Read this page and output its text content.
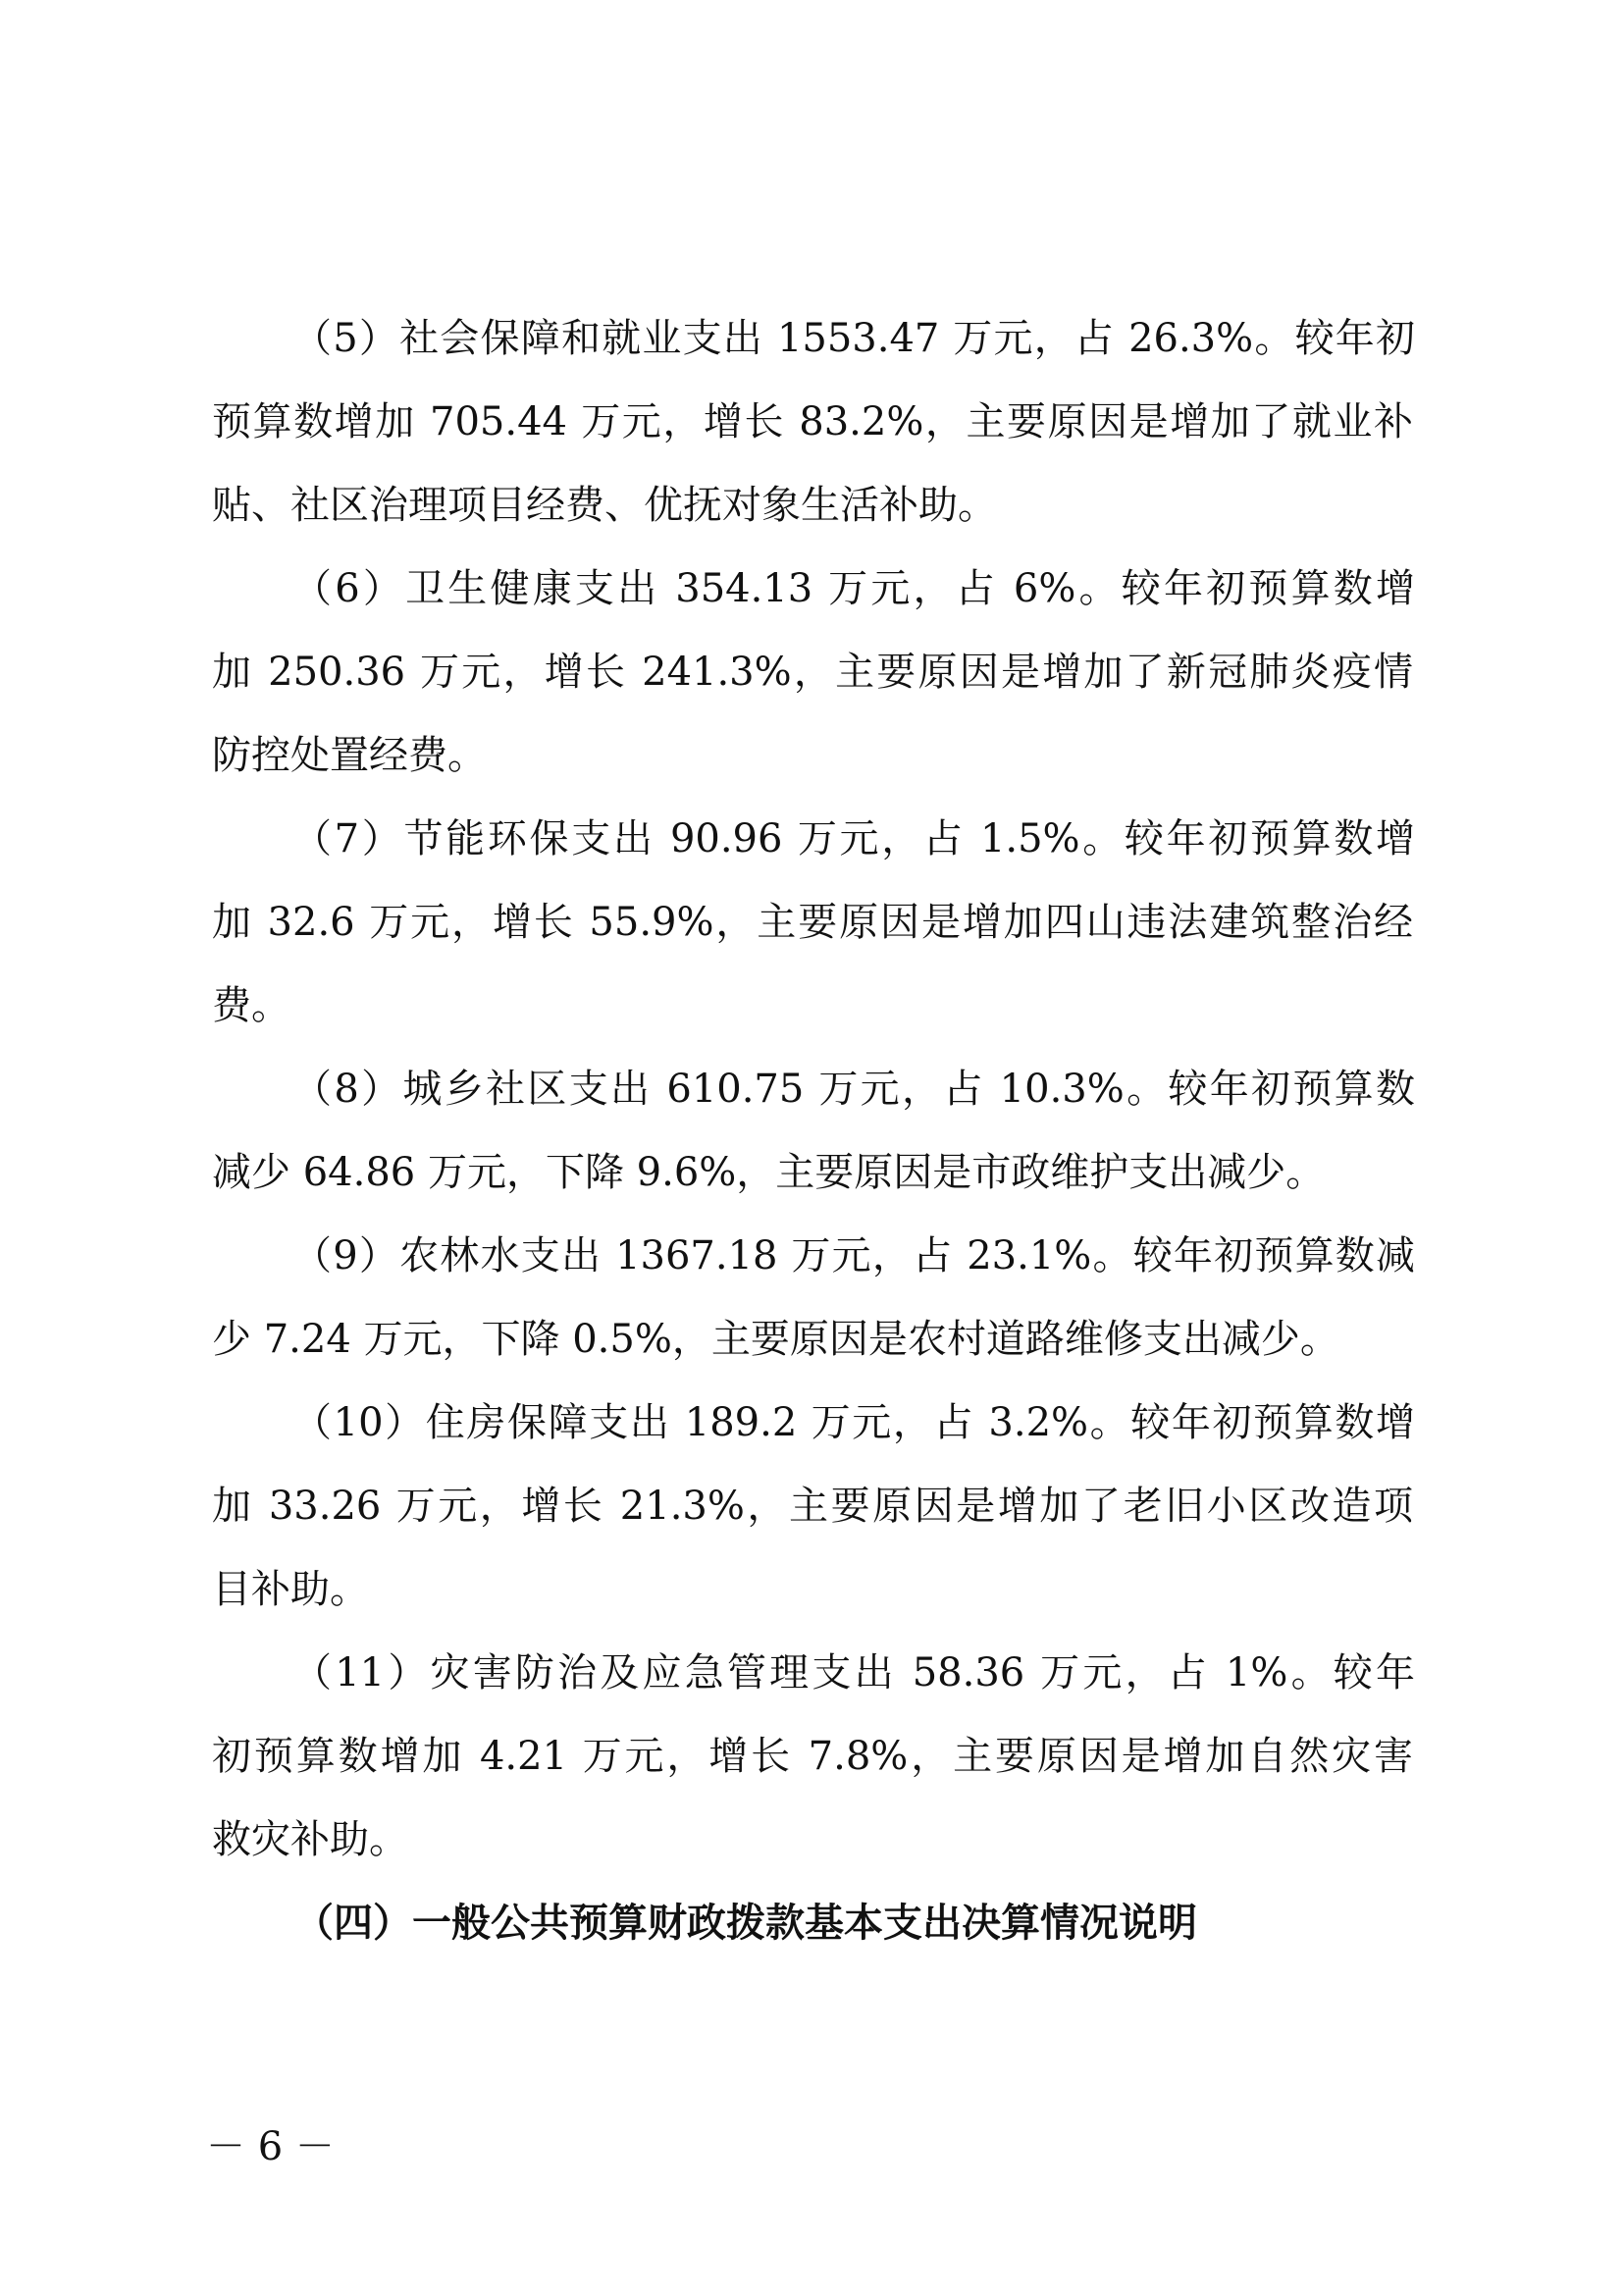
（5）社会保障和就业支出 1553.47 万元，占 26.3%。较年初

预算数增加 705.44 万元，增长 83.2%，主要原因是增加了就业补

贴、社区治理项目经费、优抚对象生活补助。

（6）卫生健康支出 354.13 万元，占 6%。较年初预算数增

加 250.36 万元，增长 241.3%，主要原因是增加了新冠肺炎疫情

防控处置经费。

（7）节能环保支出 90.96 万元，占 1.5%。较年初预算数增

加 32.6 万元，增长 55.9%，主要原因是增加四山违法建筑整治经

费。

（8）城乡社区支出 610.75 万元，占 10.3%。较年初预算数

减少 64.86 万元，下降 9.6%，主要原因是市政维护支出减少。

（9）农林水支出 1367.18 万元，占 23.1%。较年初预算数减

少 7.24 万元，下降 0.5%，主要原因是农村道路维修支出减少。

（10）住房保障支出 189.2 万元，占 3.2%。较年初预算数增

加 33.26 万元，增长 21.3%，主要原因是增加了老旧小区改造项

目补助。

（11）灾害防治及应急管理支出 58.36 万元，占 1%。较年

初预算数增加 4.21 万元，增长 7.8%，主要原因是增加自然灾害

救灾补助。

（四）一般公共预算财政拨款基本支出决算情况说明

－ 6 －
